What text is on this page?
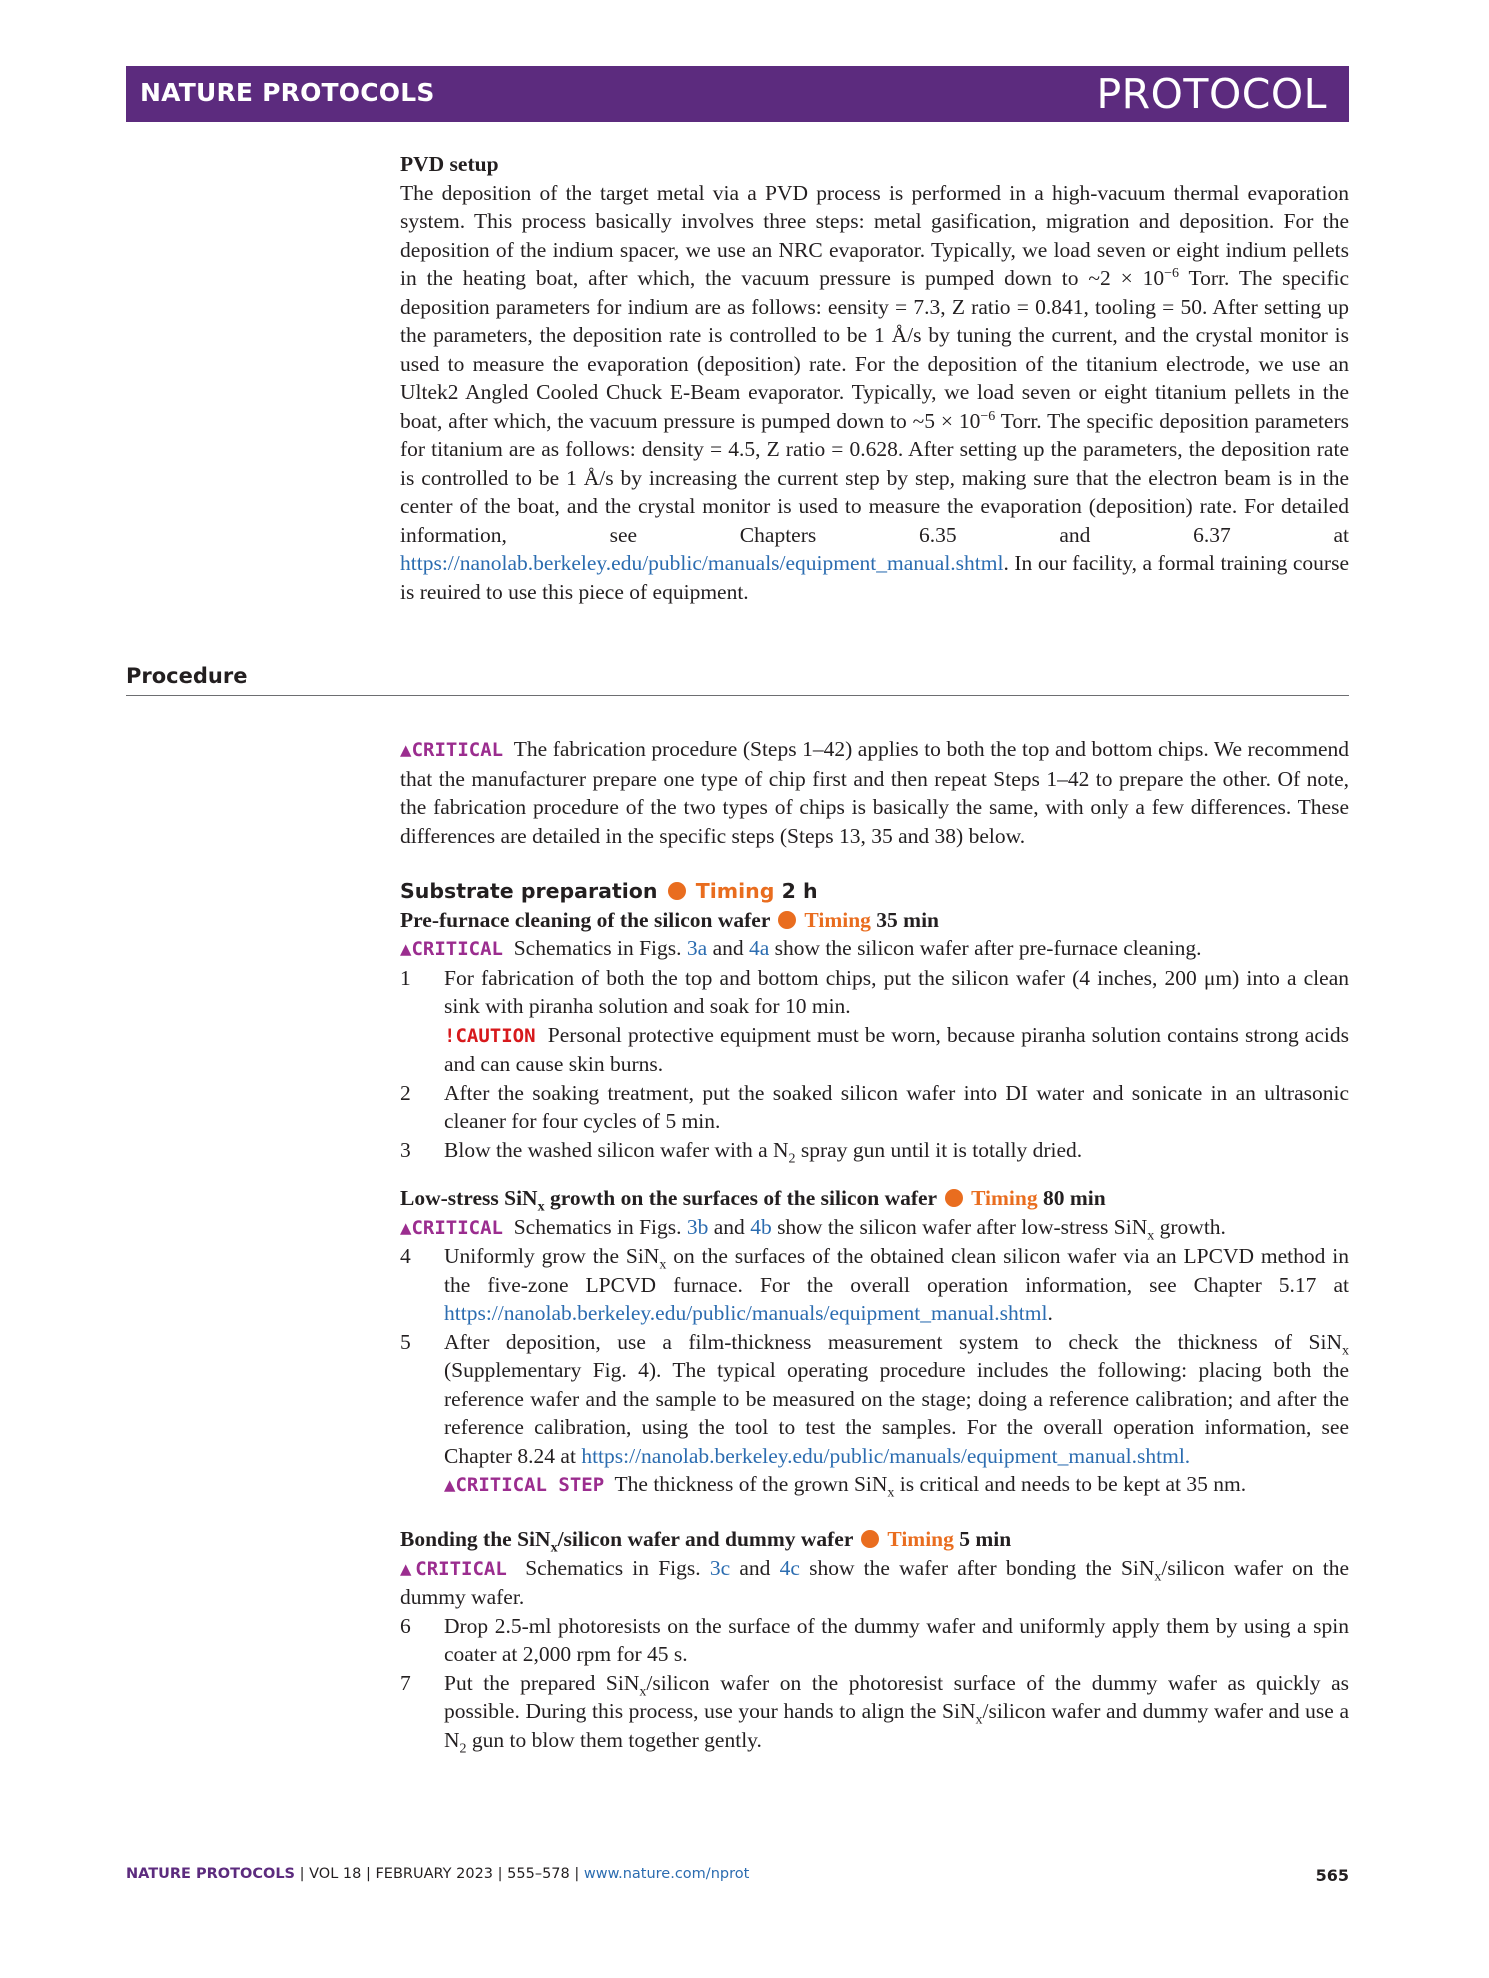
NATURE PROTOCOLS	PROTOCOL
PVD setup
The deposition of the target metal via a PVD process is performed in a high-vacuum thermal evaporation system. This process basically involves three steps: metal gasification, migration and deposition. For the deposition of the indium spacer, we use an NRC evaporator. Typically, we load seven or eight indium pellets in the heating boat, after which, the vacuum pressure is pumped down to ~2 × $10^{-6}$ Torr. The specific deposition parameters for indium are as follows: eensity = 7.3, Z ratio = 0.841, tooling = 50. After setting up the parameters, the deposition rate is controlled to be 1 Å/s by tuning the current, and the crystal monitor is used to measure the evaporation (deposition) rate. For the deposition of the titanium electrode, we use an Ultek2 Angled Cooled Chuck E-Beam evaporator. Typically, we load seven or eight titanium pellets in the boat, after which, the vacuum pressure is pumped down to ~5 × $10^{-6}$ Torr. The specific deposition parameters for titanium are as follows: density = 4.5, Z ratio = 0.628. After setting up the parameters, the deposition rate is controlled to be 1 Å/s by increasing the current step by step, making sure that the electron beam is in the center of the boat, and the crystal monitor is used to measure the evaporation (deposition) rate. For detailed information, see Chapters 6.35 and 6.37 at https://nanolab.berkeley.edu/public/manuals/equipment_manual.shtml. In our facility, a formal training course is reuired to use this piece of equipment.
Procedure
▲CRITICAL The fabrication procedure (Steps 1–42) applies to both the top and bottom chips. We recommend that the manufacturer prepare one type of chip first and then repeat Steps 1–42 to prepare the other. Of note, the fabrication procedure of the two types of chips is basically the same, with only a few differences. These differences are detailed in the specific steps (Steps 13, 35 and 38) below.
Substrate preparation Timing 2 h
Pre-furnace cleaning of the silicon wafer Timing 35 min
▲CRITICAL Schematics in Figs. 3a and 4a show the silicon wafer after pre-furnace cleaning.
1	For fabrication of both the top and bottom chips, put the silicon wafer (4 inches, 200 μm) into a clean sink with piranha solution and soak for 10 min.
!CAUTION Personal protective equipment must be worn, because piranha solution contains strong acids and can cause skin burns.
2	After the soaking treatment, put the soaked silicon wafer into DI water and sonicate in an ultrasonic cleaner for four cycles of 5 min.
3	Blow the washed silicon wafer with a $N_2$ spray gun until it is totally dried.
Low-stress SiN$_x$ growth on the surfaces of the silicon wafer Timing 80 min
▲CRITICAL Schematics in Figs. 3b and 4b show the silicon wafer after low-stress SiN$_x$ growth.
4	Uniformly grow the SiN$_x$ on the surfaces of the obtained clean silicon wafer via an LPCVD method in the five-zone LPCVD furnace. For the overall operation information, see Chapter 5.17 at https://nanolab.berkeley.edu/public/manuals/equipment_manual.shtml.
5	After deposition, use a film-thickness measurement system to check the thickness of SiN$_x$ (Supplementary Fig. 4). The typical operating procedure includes the following: placing both the reference wafer and the sample to be measured on the stage; doing a reference calibration; and after the reference calibration, using the tool to test the samples. For the overall operation information, see Chapter 8.24 at https://nanolab.berkeley.edu/public/manuals/equipment_manual.shtml.
▲CRITICAL STEP The thickness of the grown SiN$_x$ is critical and needs to be kept at 35 nm.
Bonding the SiN$_x$/silicon wafer and dummy wafer Timing 5 min
▲CRITICAL Schematics in Figs. 3c and 4c show the wafer after bonding the SiN$_x$/silicon wafer on the dummy wafer.
6	Drop 2.5-ml photoresists on the surface of the dummy wafer and uniformly apply them by using a spin coater at 2,000 rpm for 45 s.
7	Put the prepared SiN$_x$/silicon wafer on the photoresist surface of the dummy wafer as quickly as possible. During this process, use your hands to align the SiN$_x$/silicon wafer and dummy wafer and use a $N_2$ gun to blow them together gently.
NATURE PROTOCOLS | VOL 18 | FEBRUARY 2023 | 555–578 | www.nature.com/nprot	565
